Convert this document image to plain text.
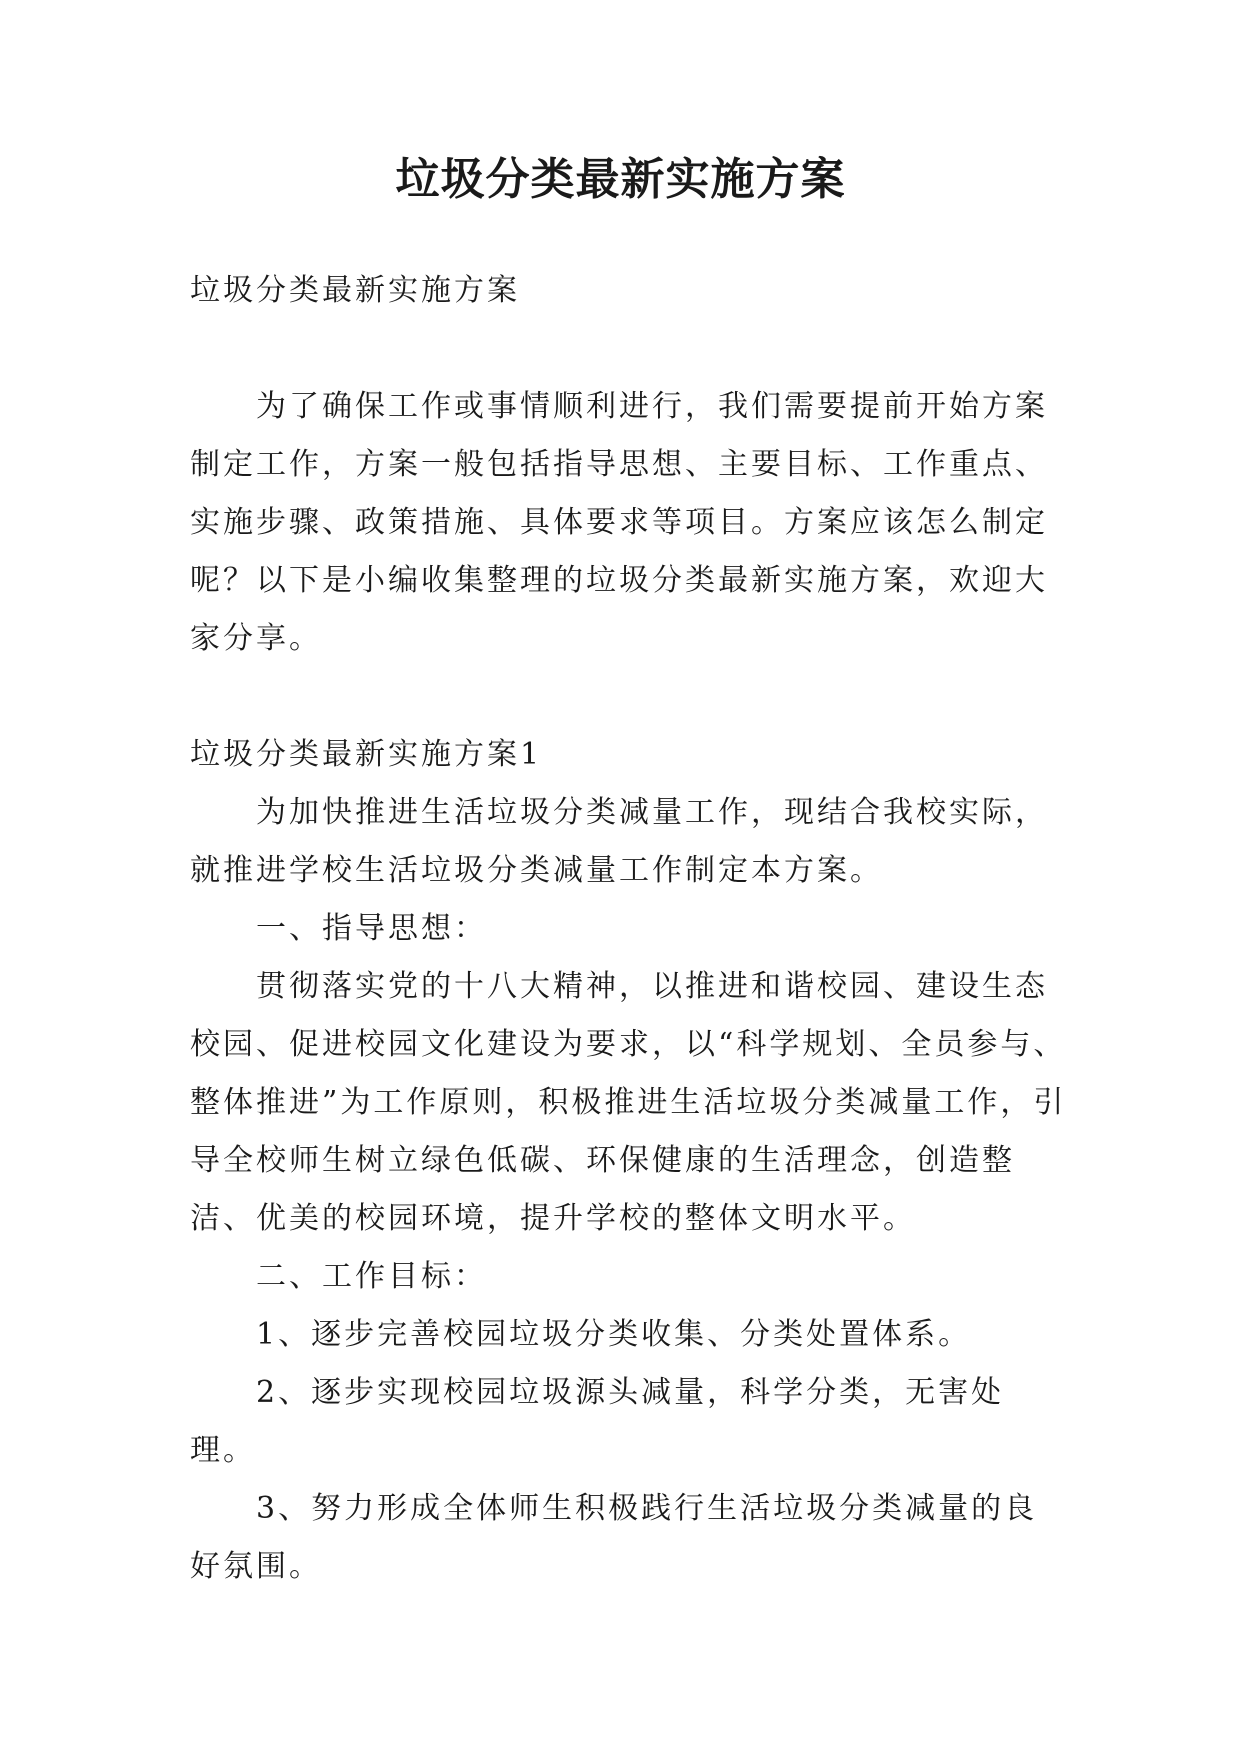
垃圾分类最新实施方案

垃圾分类最新实施方案

为了确保工作或事情顺利进行，我们需要提前开始方案制定工作，方案一般包括指导思想、主要目标、工作重点、实施步骤、政策措施、具体要求等项目。方案应该怎么制定呢？以下是小编收集整理的垃圾分类最新实施方案，欢迎大家分享。

垃圾分类最新实施方案1

为加快推进生活垃圾分类减量工作，现结合我校实际，就推进学校生活垃圾分类减量工作制定本方案。

一、指导思想：

贯彻落实党的十八大精神，以推进和谐校园、建设生态校园、促进校园文化建设为要求，以“科学规划、全员参与、整体推进”为工作原则，积极推进生活垃圾分类减量工作，引导全校师生树立绿色低碳、环保健康的生活理念，创造整洁、优美的校园环境，提升学校的整体文明水平。

二、工作目标：

1、逐步完善校园垃圾分类收集、分类处置体系。

2、逐步实现校园垃圾源头减量，科学分类，无害处理。

3、努力形成全体师生积极践行生活垃圾分类减量的良好氛围。
